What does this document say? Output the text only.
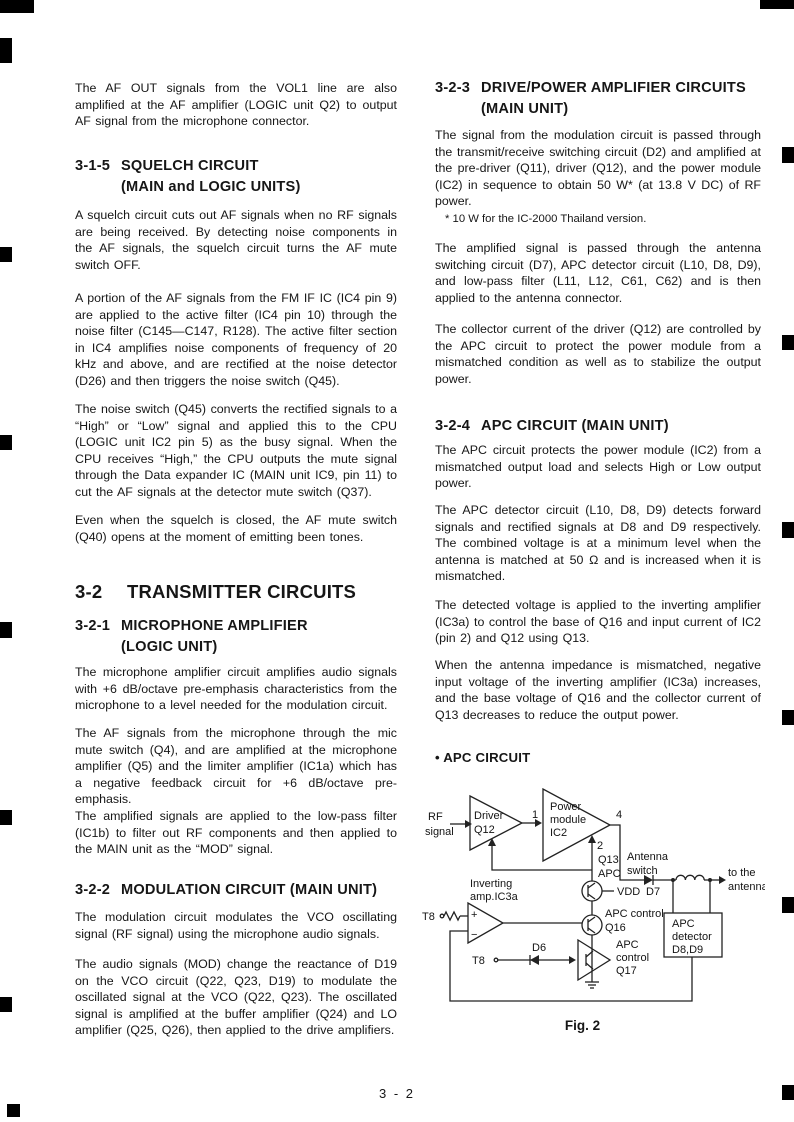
The AF OUT signals from the VOL1 line are also amplified at the AF amplifier (LOGIC unit Q2) to output AF signal from the microphone connector.
3-1-5 SQUELCH CIRCUIT
(MAIN and LOGIC UNITS)
A squelch circuit cuts out AF signals when no RF signals are being received. By detecting noise components in the AF signals, the squelch circuit turns the AF mute switch OFF.
A portion of the AF signals from the FM IF IC (IC4 pin 9) are applied to the active filter (IC4 pin 10) through the noise filter (C145—C147, R128). The active filter section in IC4 amplifies noise components of frequency of 20 kHz and above, and are rectified at the noise detector (D26) and then triggers the noise switch (Q45).
The noise switch (Q45) converts the rectified signals to a “High” or “Low” signal and applied this to the CPU (LOGIC unit IC2 pin 5) as the busy signal. When the CPU receives “High,” the CPU outputs the mute signal through the Data expander IC (MAIN unit IC9, pin 11) to cut the AF signals at the detector mute switch (Q37).
Even when the squelch is closed, the AF mute switch (Q40) opens at the moment of emitting been tones.
3-2	TRANSMITTER CIRCUITS
3-2-1 MICROPHONE AMPLIFIER
(LOGIC UNIT)
The microphone amplifier circuit amplifies audio signals with +6 dB/octave pre-emphasis characteristics from the microphone to a level needed for the modulation circuit.
The AF signals from the microphone through the mic mute switch (Q4), and are amplified at the microphone amplifier (Q5) and the limiter amplifier (IC1a) which has a negative feedback circuit for +6 dB/octave pre-emphasis.
The amplified signals are applied to the low-pass filter (IC1b) to filter out RF components and then applied to the MAIN unit as the “MOD” signal.
3-2-2 MODULATION CIRCUIT (MAIN UNIT)
The modulation circuit modulates the VCO oscillating signal (RF signal) using the microphone audio signals.
The audio signals (MOD) change the reactance of D19 on the VCO circuit (Q22, Q23, D19) to modulate the oscillated signal at the VCO (Q22, Q23). The oscillated signal is amplified at the buffer amplifier (Q24) and LO amplifier (Q25, Q26), then applied to the drive amplifiers.
3-2-3 DRIVE/POWER AMPLIFIER CIRCUITS
(MAIN UNIT)
The signal from the modulation circuit is passed through the transmit/receive switching circuit (D2) and amplified at the pre-driver (Q11), driver (Q12), and the power module (IC2) in sequence to obtain 50 W* (at 13.8 V DC) of RF power.
* 10 W for the IC-2000 Thailand version.
The amplified signal is passed through the antenna switching circuit (D7), APC detector circuit (L10, D8, D9), and low-pass filter (L11, L12, C61, C62) and is then applied to the antenna connector.
The collector current of the driver (Q12) are controlled by the APC circuit to protect the power module from a mismatched condition as well as to stabilize the output power.
3-2-4 APC CIRCUIT (MAIN UNIT)
The APC circuit protects the power module (IC2) from a mismatched output load and selects High or Low output power.
The APC detector circuit (L10, D8, D9) detects forward signals and rectified signals at D8 and D9 respectively. The combined voltage is at a minimum level when the antenna is matched at 50 Ω and is increased when it is mismatched.
The detected voltage is applied to the inverting amplifier (IC3a) to control the base of Q16 and input current of IC2 (pin 2) and Q12 using Q13.
When the antenna impedance is mismatched, negative input voltage of the inverting amplifier (IC3a) increases, and the base voltage of Q16 and the collector current of Q13 decreases to reduce the output power.
• APC CIRCUIT
RF
signal
Driver
Q12
1
Power
module
IC2
4
2
Q13
APC
VDD
Antenna
switch
D7
to the
antenna
Inverting
amp.IC3a
T8	+
−
APC control
Q16
T8
D6	APC
control
Q17
APC
detector
D8,D9
Fig. 2
3 - 2
